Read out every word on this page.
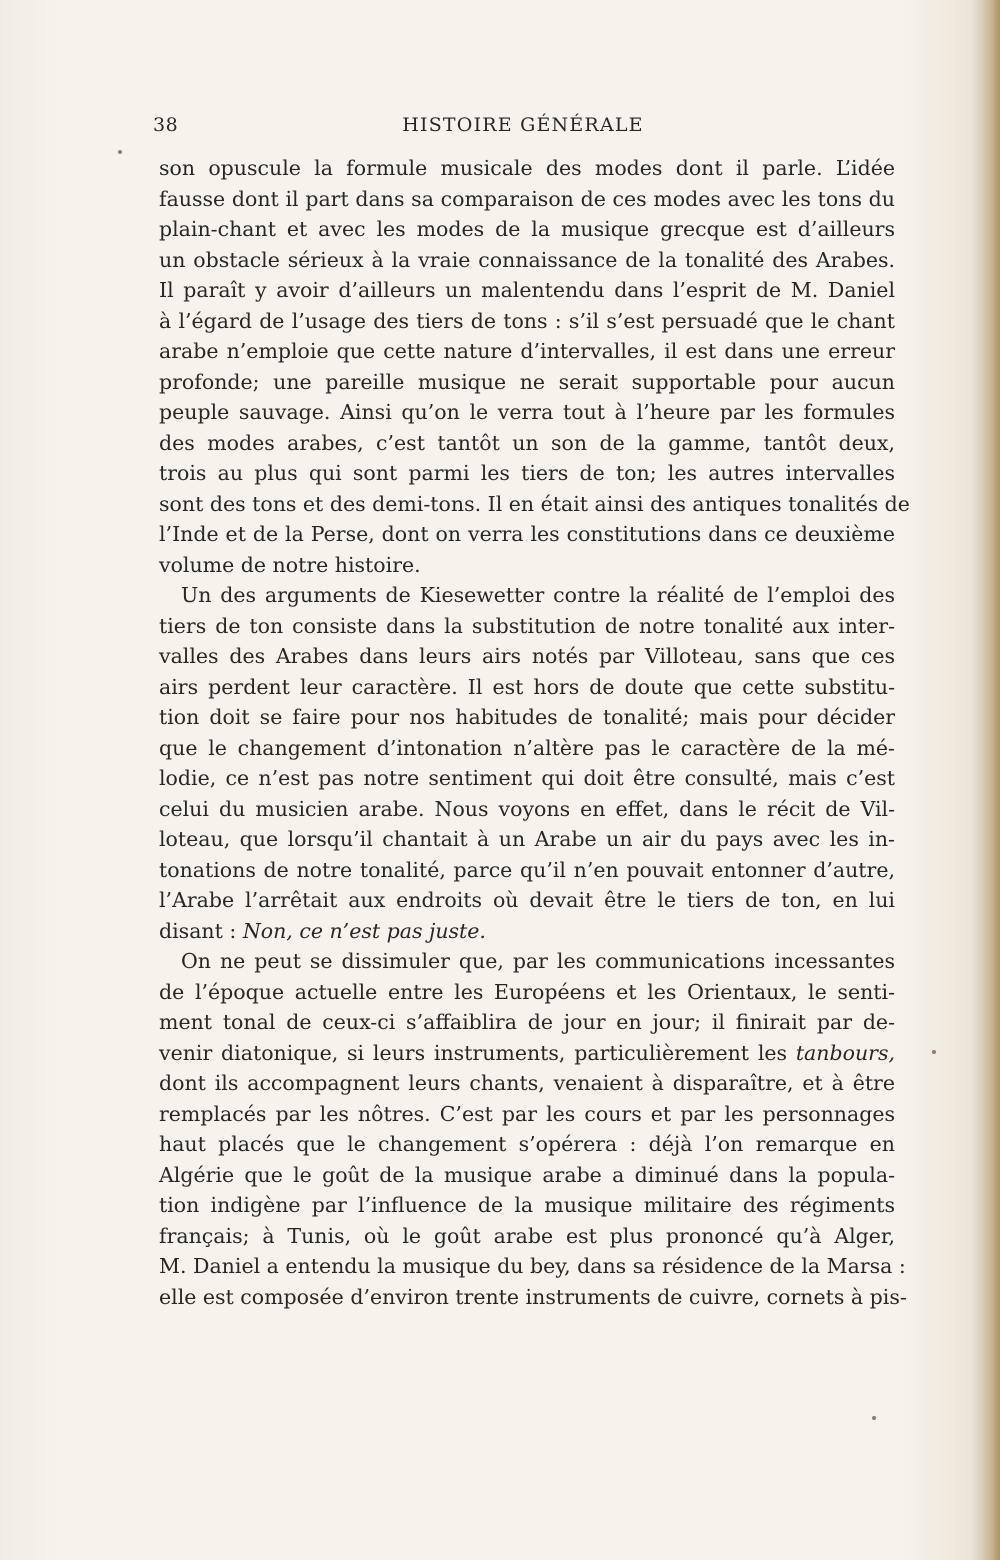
38	HISTOIRE GÉNÉRALE
son opuscule la formule musicale des modes dont il parle. L’idée
fausse dont il part dans sa comparaison de ces modes avec les tons du
plain-chant et avec les modes de la musique grecque est d’ailleurs
un obstacle sérieux à la vraie connaissance de la tonalité des Arabes.
Il paraît y avoir d’ailleurs un malentendu dans l’esprit de M. Daniel
à l’égard de l’usage des tiers de tons : s’il s’est persuadé que le chant
arabe n’emploie que cette nature d’intervalles, il est dans une erreur
profonde; une pareille musique ne serait supportable pour aucun
peuple sauvage. Ainsi qu’on le verra tout à l’heure par les formules
des modes arabes, c’est tantôt un son de la gamme, tantôt deux,
trois au plus qui sont parmi les tiers de ton; les autres intervalles
sont des tons et des demi-tons. Il en était ainsi des antiques tonalités de
l’Inde et de la Perse, dont on verra les constitutions dans ce deuxième
volume de notre histoire.
Un des arguments de Kiesewetter contre la réalité de l’emploi des
tiers de ton consiste dans la substitution de notre tonalité aux inter-
valles des Arabes dans leurs airs notés par Villoteau, sans que ces
airs perdent leur caractère. Il est hors de doute que cette substitu-
tion doit se faire pour nos habitudes de tonalité; mais pour décider
que le changement d’intonation n’altère pas le caractère de la mé-
lodie, ce n’est pas notre sentiment qui doit être consulté, mais c’est
celui du musicien arabe. Nous voyons en effet, dans le récit de Vil-
loteau, que lorsqu’il chantait à un Arabe un air du pays avec les in-
tonations de notre tonalité, parce qu’il n’en pouvait entonner d’autre,
l’Arabe l’arrêtait aux endroits où devait être le tiers de ton, en lui
disant : Non, ce n’est pas juste.
On ne peut se dissimuler que, par les communications incessantes
de l’époque actuelle entre les Européens et les Orientaux, le senti-
ment tonal de ceux-ci s’affaiblira de jour en jour; il finirait par de-
venir diatonique, si leurs instruments, particulièrement les tanbours,
dont ils accompagnent leurs chants, venaient à disparaître, et à être
remplacés par les nôtres. C’est par les cours et par les personnages
haut placés que le changement s’opérera : déjà l’on remarque en
Algérie que le goût de la musique arabe a diminué dans la popula-
tion indigène par l’influence de la musique militaire des régiments
français; à Tunis, où le goût arabe est plus prononcé qu’à Alger,
M. Daniel a entendu la musique du bey, dans sa résidence de la Marsa :
elle est composée d’environ trente instruments de cuivre, cornets à pis-
